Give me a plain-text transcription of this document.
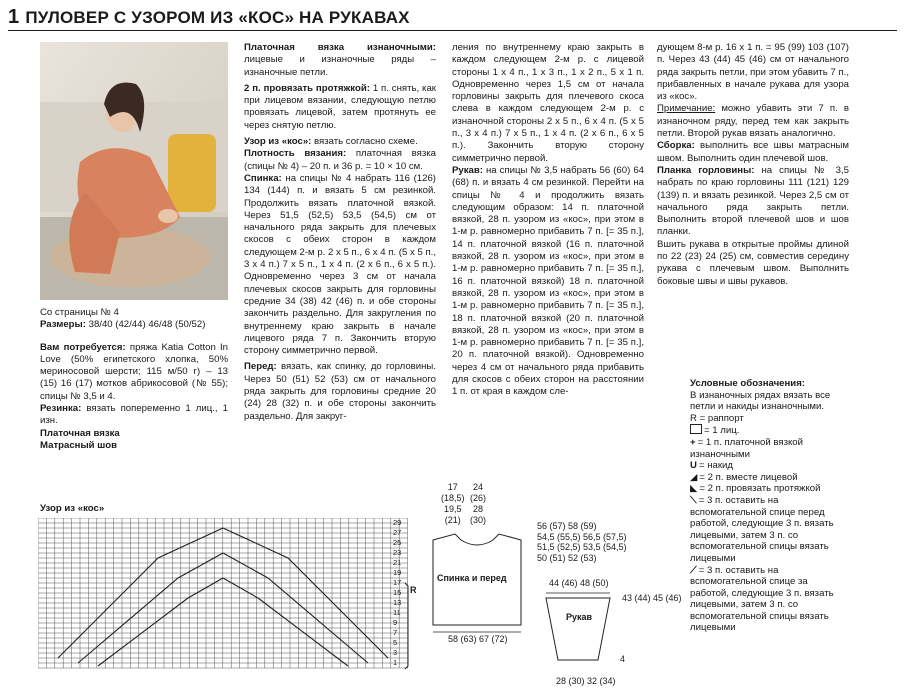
1 ПУЛОВЕР С УЗОРОМ ИЗ «КОС» НА РУКАВАХ

Со страницы № 4

Размеры: 38/40 (42/44) 46/48 (50/52)

Вам потребуется: пряжа Katia Cotton In Love (50% египетского хлопка, 50% мериносовой шерсти; 115 м/50 г) – 13 (15) 16 (17) мотков абрикосовой (№ 55); спицы № 3,5 и 4.

Резинка: вязать попеременно 1 лиц., 1 изн.

Платочная вязка

Матрасный шов

Платочная вязка изнаночными: лицевые и изнаночные ряды – изнаночные петли.

2 п. провязать протяжкой: 1 п. снять, как при лицевом вязании, следующую петлю провязать лицевой, затем протянуть ее через снятую петлю.

Узор из «кос»: вязать согласно схеме.

Плотность вязания: платочная вязка (спицы № 4) – 20 п. и 36 р. = 10 × 10 см.

Спинка: на спицы № 4 набрать 116 (126) 134 (144) п. и вязать 5 см резинкой. Продолжить вязать платочной вязкой. Через 51,5 (52,5) 53,5 (54,5) см от начального ряда закрыть для плечевых скосов с обеих сторон в каждом следующем 2-м р. 2 х 5 п., 6 х 4 п. (5 х 5 п., 3 х 4 п.) 7 х 5 п., 1 х 4 п. (2 х 6 п., 6 х 5 п.). Одновременно через 3 см от начала плечевых скосов закрыть для горловины средние 34 (38) 42 (46) п. и обе стороны закончить раздельно. Для закругления по внутреннему краю закрыть в начале лицевого ряда 7 п. Закончить вторую сторону симметрично первой.

Перед: вязать, как спинку, до горловины. Через 50 (51) 52 (53) см от начального ряда закрыть для горловины средние 20 (24) 28 (32) п. и обе стороны закончить раздельно. Для закруг-

ления по внутреннему краю закрыть в каждом следующем 2-м р. с лицевой стороны 1 х 4 п., 1 х 3 п., 1 х 2 п., 5 х 1 п. Одновременно через 1,5 см от начала горловины закрыть для плечевого скоса слева в каждом следующем 2-м р. с изнаночной стороны 2 х 5 п., 6 х 4 п. (5 х 5 п., 3 х 4 п.) 7 х 5 п., 1 х 4 п. (2 х 6 п., 6 х 5 п.). Закончить вторую сторону симметрично первой.

Рукав: на спицы № 3,5 набрать 56 (60) 64 (68) п. и вязать 4 см резинкой. Перейти на спицы № 4 и продолжить вязать следующим образом: 14 п. платочной вязкой, 28 п. узором из «кос», при этом в 1-м р. равномерно прибавить 7 п. [= 35 п.], 14 п. платочной вязкой (16 п. платочной вязкой, 28 п. узором из «кос», при этом в 1-м р. равномерно прибавить 7 п. [= 35 п.], 16 п. платочной вязкой) 18 п. платочной вязкой, 28 п. узором из «кос», при этом в 1-м р. равномерно прибавить 7 п. [= 35 п.], 18 п. платочной вязкой (20 п. платочной вязкой, 28 п. узором из «кос», при этом в 1-м р. равномерно прибавить 7 п. [= 35 п.], 20 п. платочной вязкой). Одновременно через 4 см от начального ряда прибавить для скосов с обеих сторон на расстоянии 1 п. от края в каждом сле-

дующем 8-м р. 16 х 1 п. = 95 (99) 103 (107) п. Через 43 (44) 45 (46) см от начального ряда закрыть петли, при этом убавить 7 п., прибавленных в начале рукава для узора из «кос».

Примечание: можно убавить эти 7 п. в изнаночном ряду, перед тем как закрыть петли. Второй рукав вязать аналогично.

Сборка: выполнить все швы матрасным швом. Выполнить один плечевой шов.

Планка горловины: на спицы № 3,5 набрать по краю горловины 111 (121) 129 (139) п. и вязать резинкой. Через 2,5 см от начального ряда закрыть петли. Выполнить второй плечевой шов и шов планки.

Вшить рукава в открытые проймы длиной по 22 (23) 24 (25) см, совместив середину рукава с плечевым швом. Выполнить боковые швы и швы рукавов.

Условные обозначения:

В изнаночных рядах вязать все петли и накиды изнаночными.

R = раппорт

= 1 лиц.

+ = 1 п. платочной вязкой изнаночными

U = накид

◢ = 2 п. вместе лицевой

◣ = 2 п. провязать протяжкой

⟍ = 3 п. оставить на вспомогательной спице перед работой, следующие 3 п. вязать лицевыми, затем 3 п. со вспомогательной спицы вязать лицевыми

⟋ = 3 п. оставить на вспомогательной спице за работой, следующие 3 п. вязать лицевыми, затем 3 п. со вспомогательной спицы вязать лицевыми

Узор из «кос»
29
27
25
23
21
19
17
15
13
11
9
7
5
3
1
R
Спинка и перед
17
(18,5)
19,5
(21)
24
(26)
28
(30)
56 (57) 58 (59)
54,5 (55,5) 56,5 (57,5)
51,5 (52,5) 53,5 (54,5)
50 (51) 52 (53)
58 (63) 67 (72)
Рукав
44 (46) 48 (50)
43 (44) 45 (46)
4
28 (30) 32 (34)
